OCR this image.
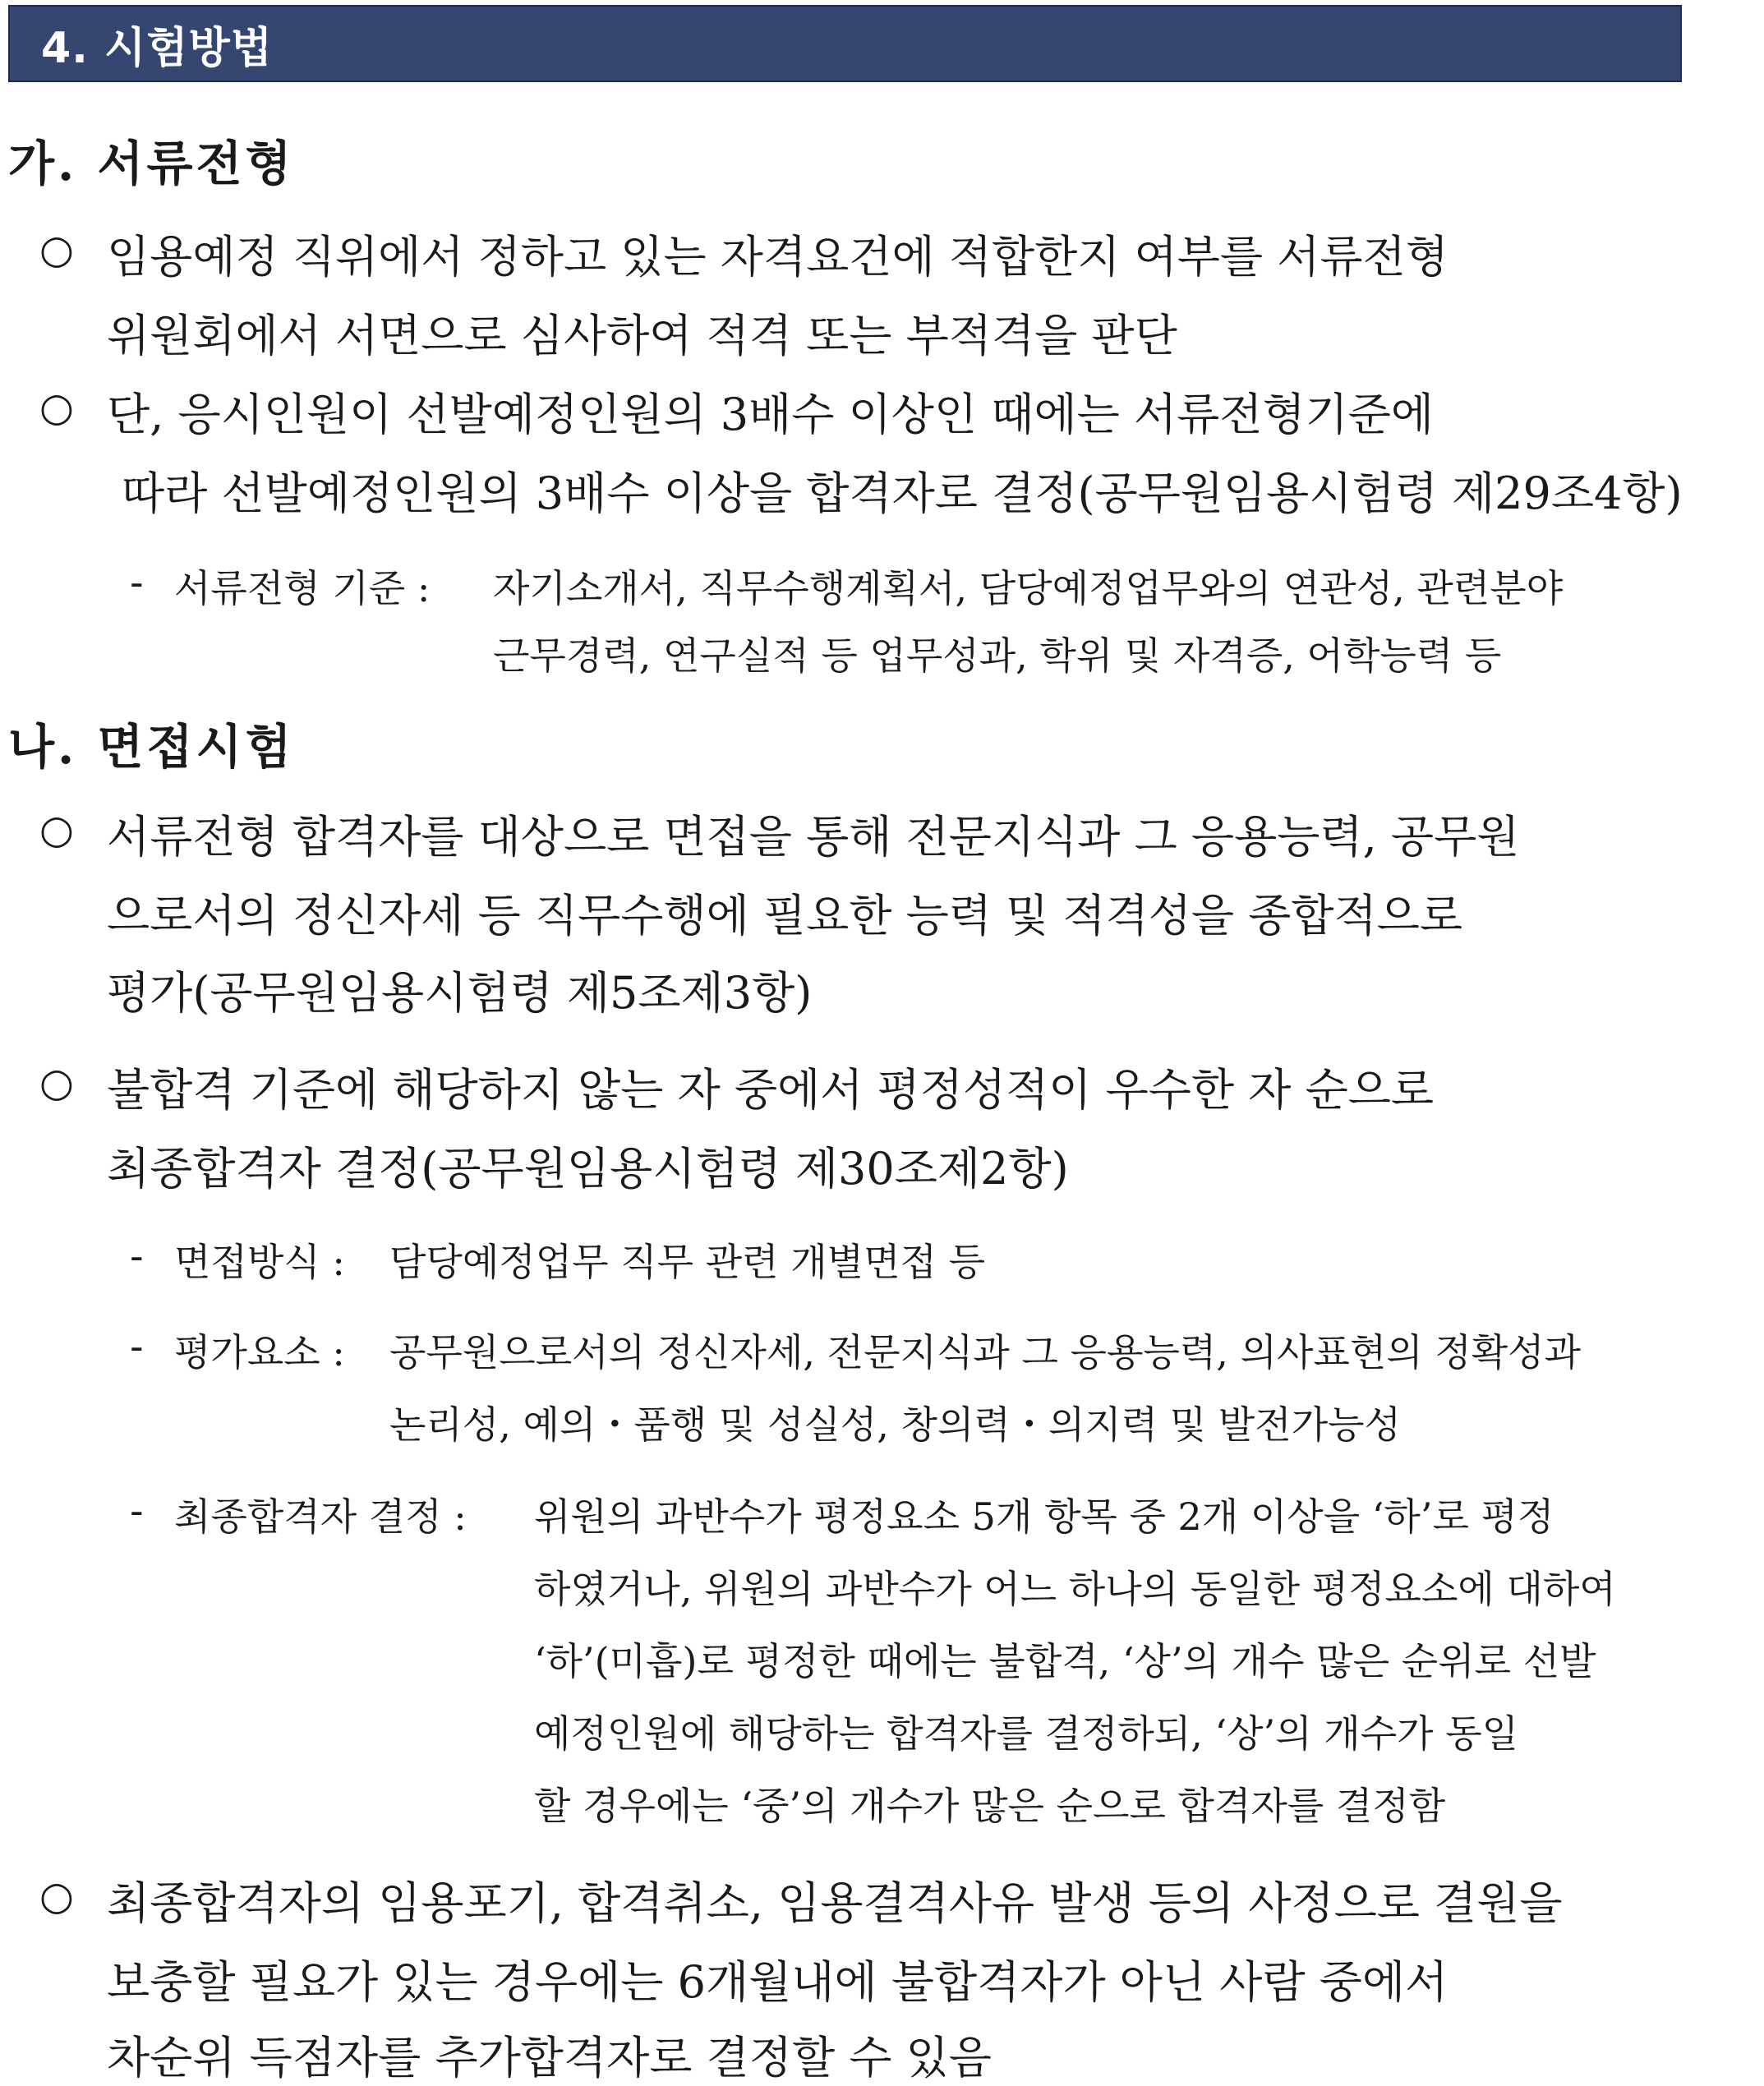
4. 시험방법
가. 서류전형
○ 임용예정 직위에서 정하고 있는 자격요건에 적합한지 여부를 서류전형
위원회에서 서면으로 심사하여 적격 또는 부적격을 판단
○ 단, 응시인원이 선발예정인원의 3배수 이상인 때에는 서류전형기준에
따라 선발예정인원의 3배수 이상을 합격자로 결정(공무원임용시험령 제29조4항)
- 서류전형 기준 : 자기소개서, 직무수행계획서, 담당예정업무와의 연관성, 관련분야
근무경력, 연구실적 등 업무성과, 학위 및 자격증, 어학능력 등
나. 면접시험
○ 서류전형 합격자를 대상으로 면접을 통해 전문지식과 그 응용능력, 공무원
으로서의 정신자세 등 직무수행에 필요한 능력 및 적격성을 종합적으로
평가(공무원임용시험령 제5조제3항)
○ 불합격 기준에 해당하지 않는 자 중에서 평정성적이 우수한 자 순으로
최종합격자 결정(공무원임용시험령 제30조제2항)
- 면접방식 : 담당예정업무 직무 관련 개별면접 등
- 평가요소 : 공무원으로서의 정신자세, 전문지식과 그 응용능력, 의사표현의 정확성과
논리성, 예의・품행 및 성실성, 창의력・의지력 및 발전가능성
- 최종합격자 결정 : 위원의 과반수가 평정요소 5개 항목 중 2개 이상을 ‘하’로 평정
하였거나, 위원의 과반수가 어느 하나의 동일한 평정요소에 대하여
‘하’(미흡)로 평정한 때에는 불합격, ‘상’의 개수 많은 순위로 선발
예정인원에 해당하는 합격자를 결정하되, ‘상’의 개수가 동일
할 경우에는 ‘중’의 개수가 많은 순으로 합격자를 결정함
○ 최종합격자의 임용포기, 합격취소, 임용결격사유 발생 등의 사정으로 결원을
보충할 필요가 있는 경우에는 6개월내에 불합격자가 아닌 사람 중에서
차순위 득점자를 추가합격자로 결정할 수 있음
